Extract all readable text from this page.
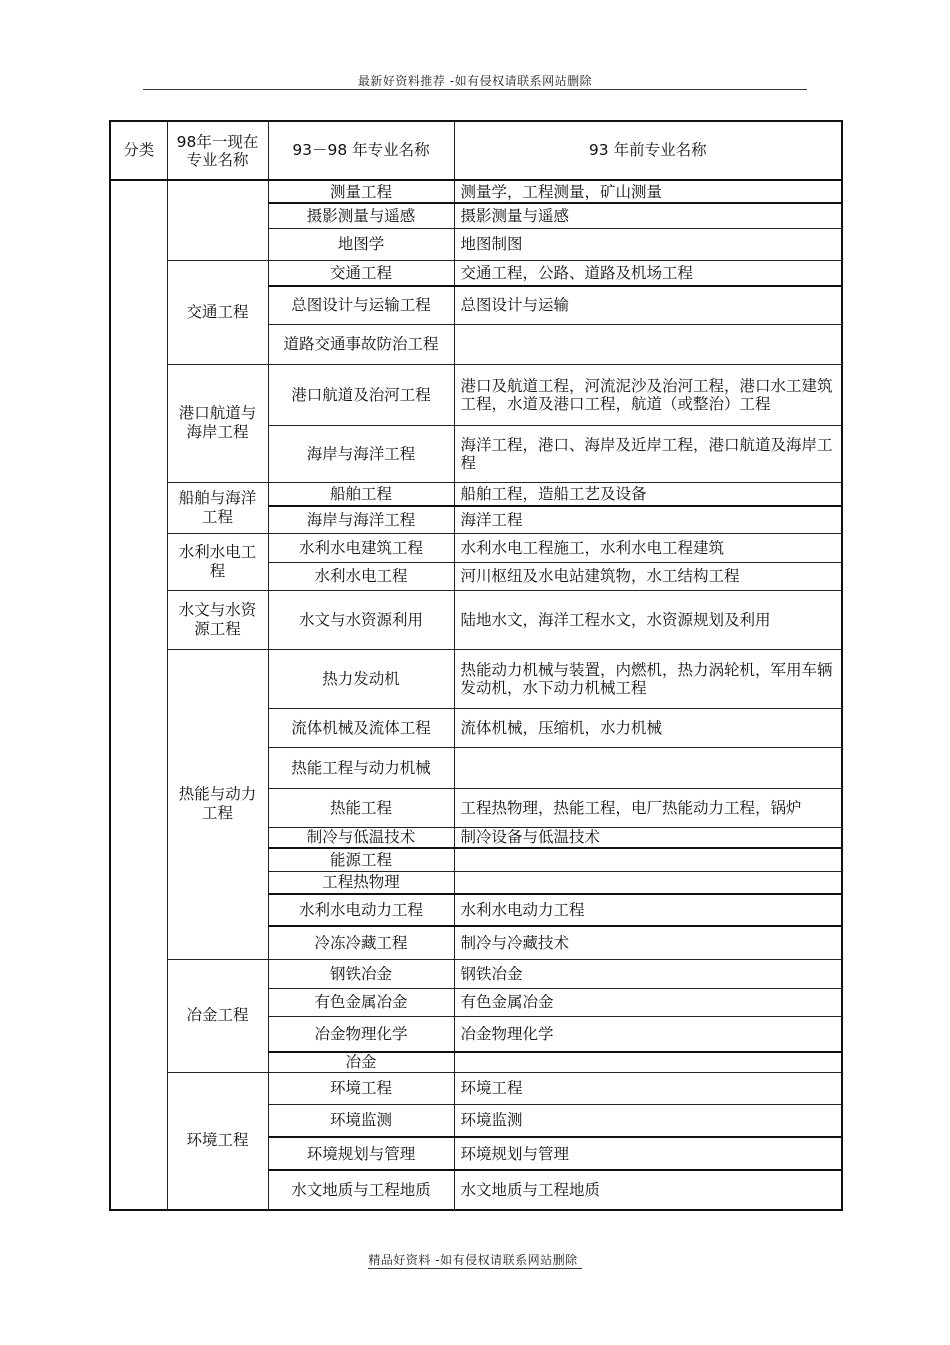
最新好资料推荐 -如有侵权请联系网站删除
分类	98年一现在专业名称	93－98 年专业名称	93 年前专业名称
		测量工程	测量学，工程测量，矿山测量
		摄影测量与遥感	摄影测量与遥感
		地图学	地图制图
	交通工程	交通工程	交通工程，公路、道路及机场工程
		总图设计与运输工程	总图设计与运输
		道路交通事故防治工程	
	港口航道与海岸工程	港口航道及治河工程	港口及航道工程，河流泥沙及治河工程，港口水工建筑工程，水道及港口工程，航道（或整治）工程
		海岸与海洋工程	海洋工程，港口、海岸及近岸工程，港口航道及海岸工程
	船舶与海洋工程	船舶工程	船舶工程，造船工艺及设备
		海岸与海洋工程	海洋工程
	水利水电工程	水利水电建筑工程	水利水电工程施工，水利水电工程建筑
		水利水电工程	河川枢纽及水电站建筑物，水工结构工程
	水文与水资源工程	水文与水资源利用	陆地水文，海洋工程水文，水资源规划及利用
	热能与动力工程	热力发动机	热能动力机械与装置，内燃机，热力涡轮机，军用车辆发动机，水下动力机械工程
		流体机械及流体工程	流体机械，压缩机，水力机械
		热能工程与动力机械	
		热能工程	工程热物理，热能工程，电厂热能动力工程，锅炉
		制冷与低温技术	制冷设备与低温技术
		能源工程	
		工程热物理	
		水利水电动力工程	水利水电动力工程
		冷冻冷藏工程	制冷与冷藏技术
	冶金工程	钢铁冶金	钢铁冶金
		有色金属冶金	有色金属冶金
		冶金物理化学	冶金物理化学
		冶金	
	环境工程	环境工程	环境工程
		环境监测	环境监测
		环境规划与管理	环境规划与管理
		水文地质与工程地质	水文地质与工程地质
精品好资料 -如有侵权请联系网站删除
